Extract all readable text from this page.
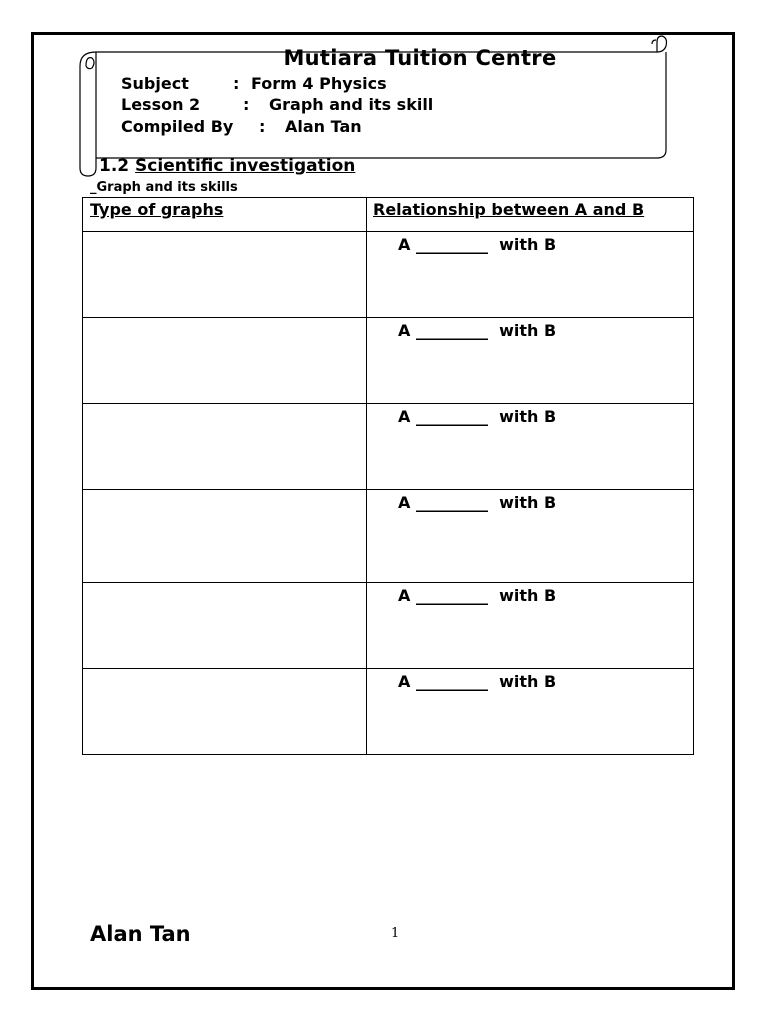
Mutiara Tuition Centre
Subject	: Form 4 Physics
Lesson 2	: Graph and its skill
Compiled By : Alan Tan
1.2 Scientific investigation
_Graph and its skills
Type of graphs	Relationship between A and B

	A _________  with B

	A _________  with B

	A _________  with B

	A _________  with B

	A _________  with B

	A _________  with B
Alan Tan	1
